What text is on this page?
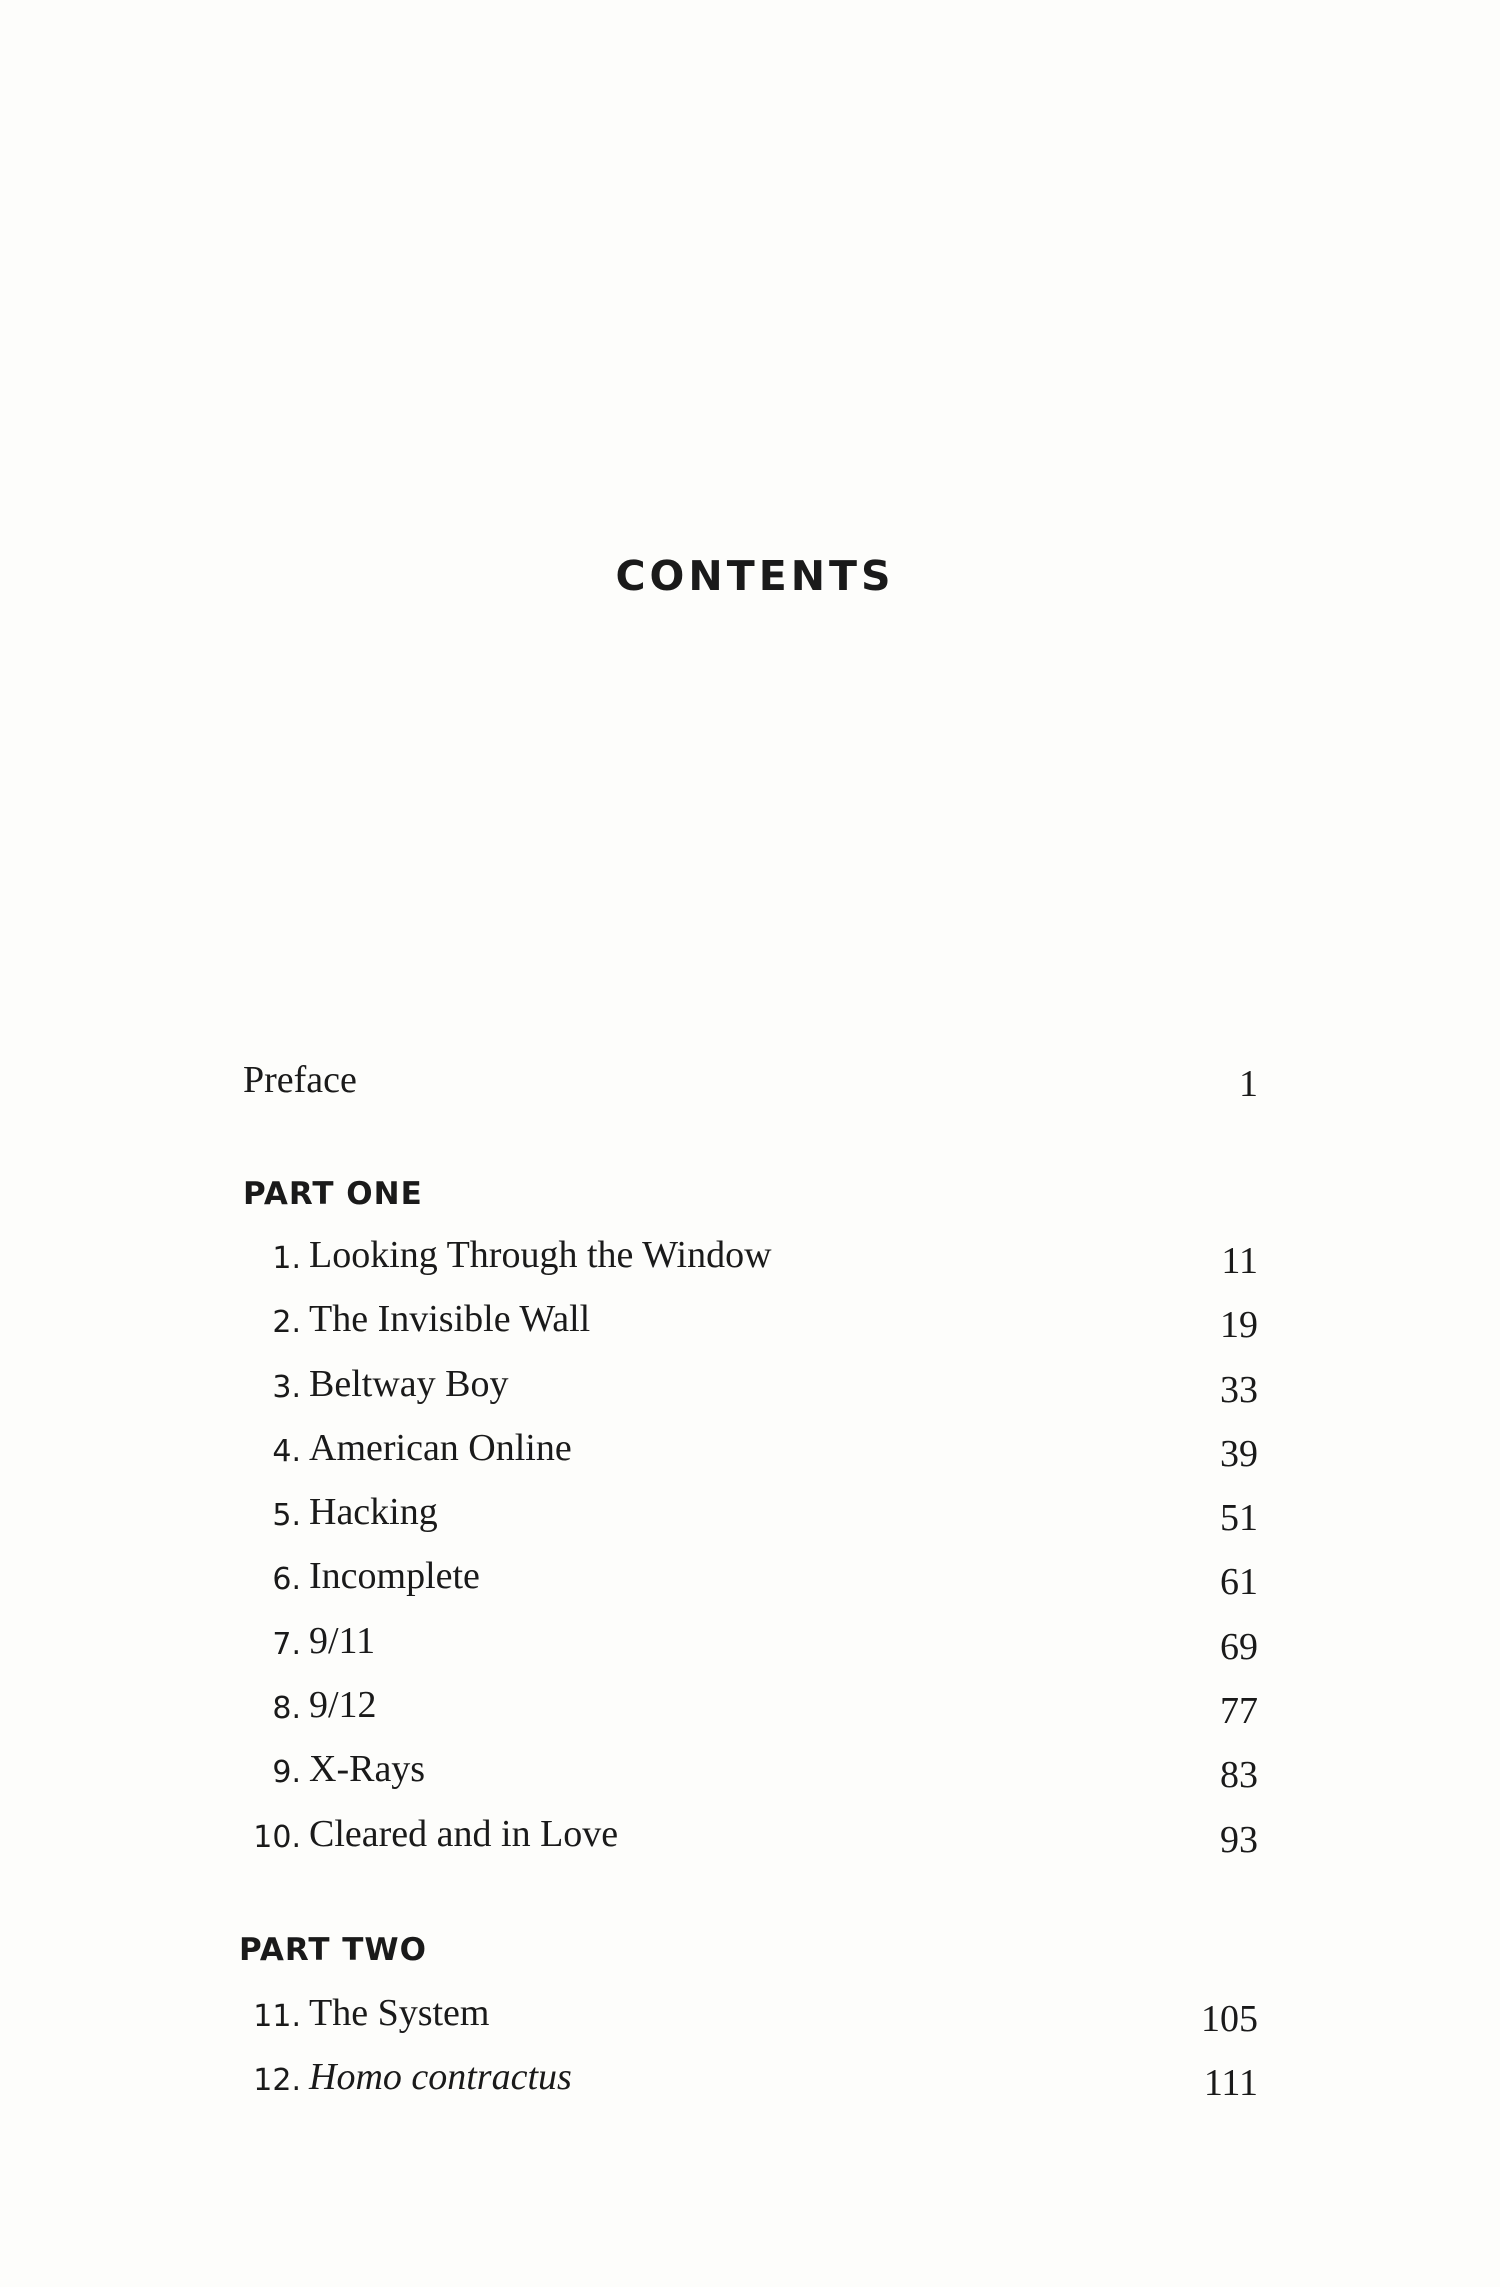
CONTENTS
Preface	1
PART ONE
1. Looking Through the Window	11
2. The Invisible Wall	19
3. Beltway Boy	33
4. American Online	39
5. Hacking	51
6. Incomplete	61
7. 9/11	69
8. 9/12	77
9. X-Rays	83
10. Cleared and in Love	93
PART TWO
11. The System	105
12. Homo contractus	111
